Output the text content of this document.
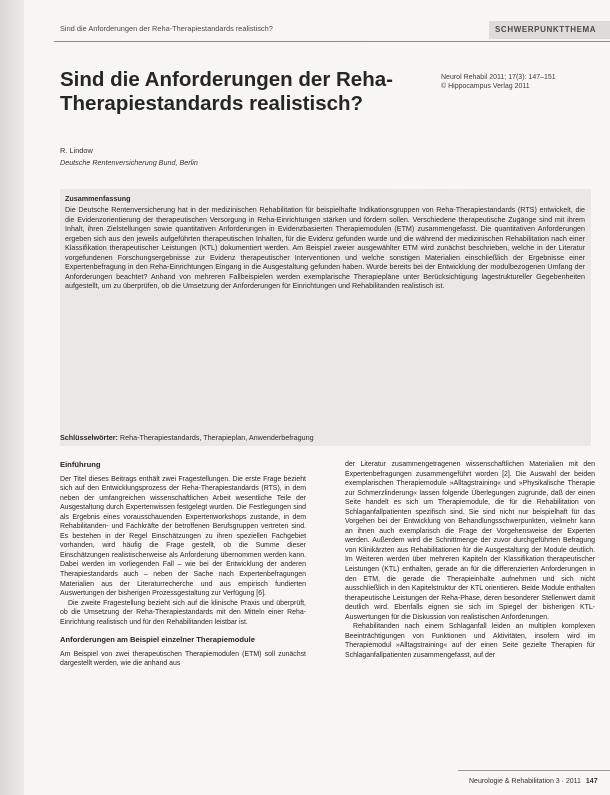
Sind die Anforderungen der Reha-Therapiestandards realistisch?	SCHWERPUNKTTHEMA
Sind die Anforderungen der Reha-Therapiestandards realistisch?
Neurol Rehabil 2011; 17(3): 147–151
© Hippocampus Verlag 2011
R. Lindow
Deutsche Rentenversicherung Bund, Berlin
Zusammenfassung

Die Deutsche Rentenversicherung hat in der medizinischen Rehabilitation für beispielhafte Indikationsgruppen von Reha-Therapiestandards (RTS) entwickelt, die die Evidenzorientierung der therapeutischen Versorgung in Reha-Einrichtungen stärken und fördern sollen. Verschiedene therapeutische Zugänge sind mit ihrem Inhalt, ihren Zielstellungen sowie quantitativen Anforderungen in Evidenzbasierten Therapiemodulen (ETM) zusammengefasst. Die quantitativen Anforderungen ergeben sich aus den jeweils aufgeführten therapeutischen Inhalten, für die Evidenz gefunden wurde und die während der medizinischen Rehabilitation nach einer Klassifikation therapeutischer Leistungen (KTL) dokumentiert werden. Am Beispiel zweier ausgewählter ETM wird zunächst beschrieben, welche in der Literatur vorgefundenen Forschungsergebnisse zur Evidenz therapeutischer Interventionen und welche sonstigen Materialien einschließlich der Ergebnisse einer Expertenbefragung in den Reha-Einrichtungen Eingang in die Ausgestaltung gefunden haben. Wurde bereits bei der Entwicklung der modulbezogenen Umfang der Anforderungen beachtet? Anhand von mehreren Fallbeispielen werden exemplarische Therapiepläne unter Berücksichtigung lagestruktureller Gegebenheiten aufgestellt, um zu überprüfen, ob die Umsetzung der Anforderungen für Einrichtungen und Rehabilitanden realistisch ist.

Schlüsselwörter: Reha-Therapiestandards, Therapieplan, Anwenderbefragung
Einführung

Der Titel dieses Beitrags enthält zwei Fragestellungen. Die erste Frage bezieht sich auf den Entwicklungsprozess der Reha-Therapiestandards (RTS), in dem neben der umfangreichen wissenschaftlichen Arbeit wesentliche Teile der Ausgestaltung durch Expertenwissen festgelegt wurden. Die Festlegungen sind als Ergebnis eines vorausschauenden Expertenworkshops zustande, in dem Rehabilitanden- und Fachkräfte der betroffenen Berufsgruppen vertreten sind. Es bestehen in der Regel Einschätzungen zu ihren speziellen Fachgebiet vorhanden, wird häufig die Frage gestellt, ob die Summe dieser Einschätzungen realistischerweise als Anforderung übernommen werden kann. Dabei werden im vorliegenden Fall – wie bei der Entwicklung der anderen Therapiestandards auch – neben der Sache nach Expertenbefragungen Materialien aus der Literaturrecherche und aus empirisch fundierten Auswertungen der bisherigen Prozessgestaltung zur Verfügung [6].

Die zweite Fragestellung bezieht sich auf die klinische Praxis und überprüft, ob die Umsetzung der Reha-Therapiestandards mit den Mitteln einer Reha-Einrichtung realistisch und für den Rehabilitanden leistbar ist.

Anforderungen am Beispiel einzelner Therapiemodule

Am Beispiel von zwei therapeutischen Therapiemodulen (ETM) soll zunächst dargestellt werden, wie die anhand aus

der Literatur zusammengetragenen wissenschaftlichen Materialien mit den Expertenbefragungen zusammengeführt worden [2]. Die Auswahl der beiden exemplarischen Therapiemodule »Alltagstraining« und »Physikalische Therapie zur Schmerzlinderung« lassen folgende Überlegungen zugrunde, daß der einen Seite handelt es sich um Therapiemodule, die für die Rehabilitation von Schlaganfallpatienten spezifisch sind. Sie sind nicht nur beispielhaft für das Vorgehen bei der Entwicklung von Behandlungsschwerpunkten, vielmehr kann an ihnen auch exemplarisch die Frage der Vorgehensweise der Experten werden. Außerdem wird die Schnittmenge der zuvor durchgeführten Befragung von Klinikärzten aus Rehabilitationen für die Ausgestaltung der Module deutlich. Im Weiteren werden über mehreren Kapiteln der Klassifikation therapeutischer Leistungen (KTL) enthalten, gerade an für die differenzierten Anforderungen in den ETM, die gerade die Therapieinhalte aufnehmen und sich nicht ausschließlich in den Kapitelstruktur der KTL orientieren. Beide Module enthalten therapeutische Leistungen der Reha-Phase, deren besonderer Stellenwert damit deutlich wird. Ebenfalls eignen sie sich im Spiegel der bisherigen KTL-Auswertungen für die Diskussion von realistischen Anforderungen.

Rehabilitanden nach einem Schlaganfall leiden an multiplen komplexen Beeinträchtigungen von Funktionen und Aktivitäten, insofern wird im Therapiemodul »Alltagstraining« auf der einen Seite gezielte Therapien für Schlaganfallpatienten zusammengefasst, auf der

Neurologie & Rehabilitation 3 · 2011 147
